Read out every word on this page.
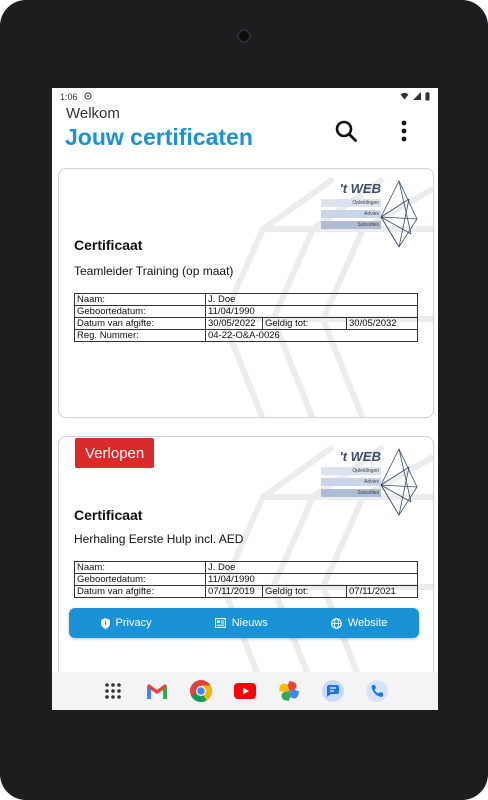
1:06
Welkom
Jouw certificaten
't WEB
Opleidingen
Advies
Subsidies
Certificaat
Teamleider Training (op maat)
Naam:	J. Doe		
Geboortedatum:	11/04/1990		
Datum van afgifte:	30/05/2022	Geldig tot:	30/05/2032
Reg. Nummer:	04-22-O&A-0026		
Verlopen	't WEB
Opleidingen
Advies
Subsidies
Certificaat
Herhaling Eerste Hulp incl. AED
Naam:	J. Doe		
Geboortedatum:	11/04/1990		
Datum van afgifte:	07/11/2019	Geldig tot:	07/11/2021
Privacy	Nieuws	Website
